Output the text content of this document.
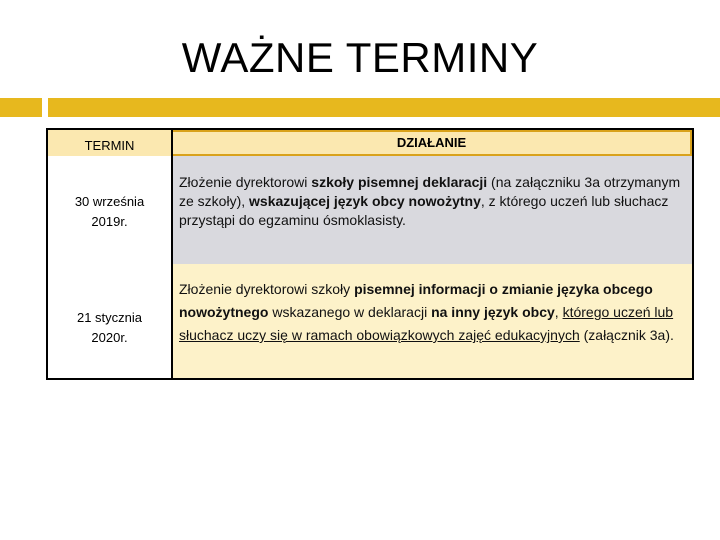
WAŻNE TERMINY
TERMIN	DZIAŁANIE
30 września
2019r.
Złożenie dyrektorowi szkoły pisemnej deklaracji (na załączniku 3a otrzymanym ze szkoły), wskazującej język obcy nowożytny, z którego uczeń lub słuchacz przystąpi do egzaminu ósmoklasisty.
21 stycznia
2020r.
Złożenie dyrektorowi szkoły pisemnej informacji o zmianie języka obcego nowożytnego wskazanego w deklaracji na inny język obcy, którego uczeń lub słuchacz uczy się w ramach obowiązkowych zajęć edukacyjnych (załącznik 3a).
